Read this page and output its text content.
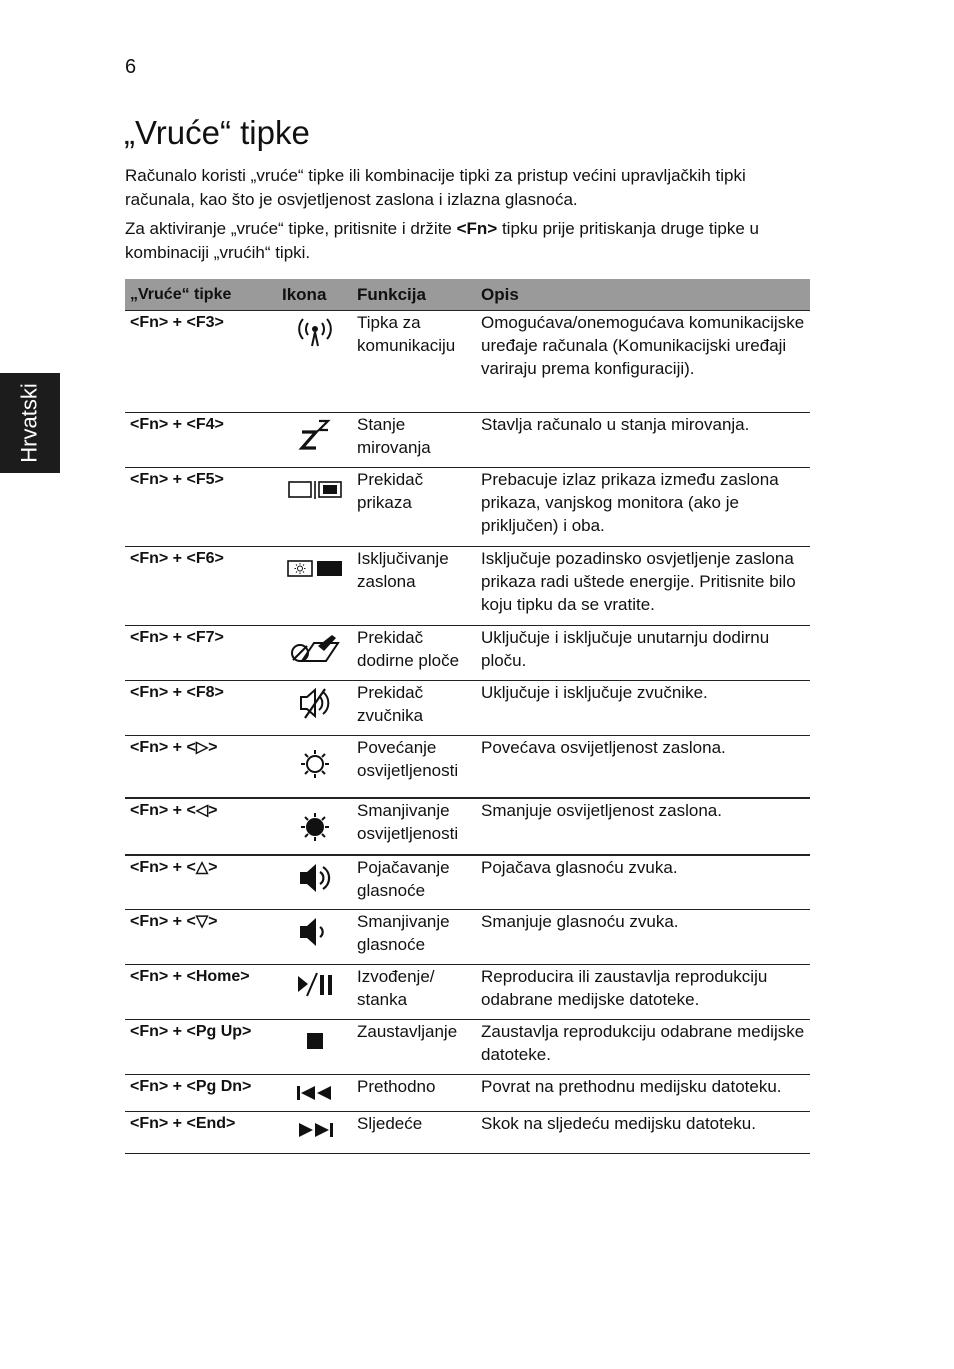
6
Hrvatski
„Vruće“ tipke

Računalo koristi „vruće“ tipke ili kombinacije tipki za pristup većini upravljačkih tipki računala, kao što je osvjetljenost zaslona i izlazna glasnoća.

Za aktiviranje „vruće“ tipke, pritisnite i držite <Fn> tipku prije pritiskanja druge tipke u kombinaciji „vrućih“ tipki.

„Vruće“ tipke	Ikona	Funkcija	Opis
<Fn> + <F3>		Tipka za komunikaciju	Omogućava/onemogućava komunikacijske uređaje računala (Komunikacijski uređaji variraju prema konfiguraciji).
<Fn> + <F4>		Stanje mirovanja	Stavlja računalo u stanja mirovanja.
<Fn> + <F5>		Prekidač prikaza	Prebacuje izlaz prikaza između zaslona prikaza, vanjskog monitora (ako je priključen) i oba.
<Fn> + <F6>		Isključivanje zaslona	Isključuje pozadinsko osvjetljenje zaslona prikaza radi uštede energije. Pritisnite bilo koju tipku da se vratite.
<Fn> + <F7>		Prekidač dodirne ploče	Uključuje i isključuje unutarnju dodirnu ploču.
<Fn> + <F8>		Prekidač zvučnika	Uključuje i isključuje zvučnike.
<Fn> + <▷>		Povećanje osvijetljenosti	Povećava osvijetljenost zaslona.
<Fn> + <◁>		Smanjivanje osvijetljenosti	Smanjuje osvijetljenost zaslona.
<Fn> + <△>		Pojačavanje glasnoće	Pojačava glasnoću zvuka.
<Fn> + <▽>		Smanjivanje glasnoće	Smanjuje glasnoću zvuka.
<Fn> + <Home>		Izvođenje/ stanka	Reproducira ili zaustavlja reprodukciju odabrane medijske datoteke.
<Fn> + <Pg Up>		Zaustavljanje	Zaustavlja reprodukciju odabrane medijske datoteke.
<Fn> + <Pg Dn>		Prethodno	Povrat na prethodnu medijsku datoteku.
<Fn> + <End>		Sljedeće	Skok na sljedeću medijsku datoteku.
